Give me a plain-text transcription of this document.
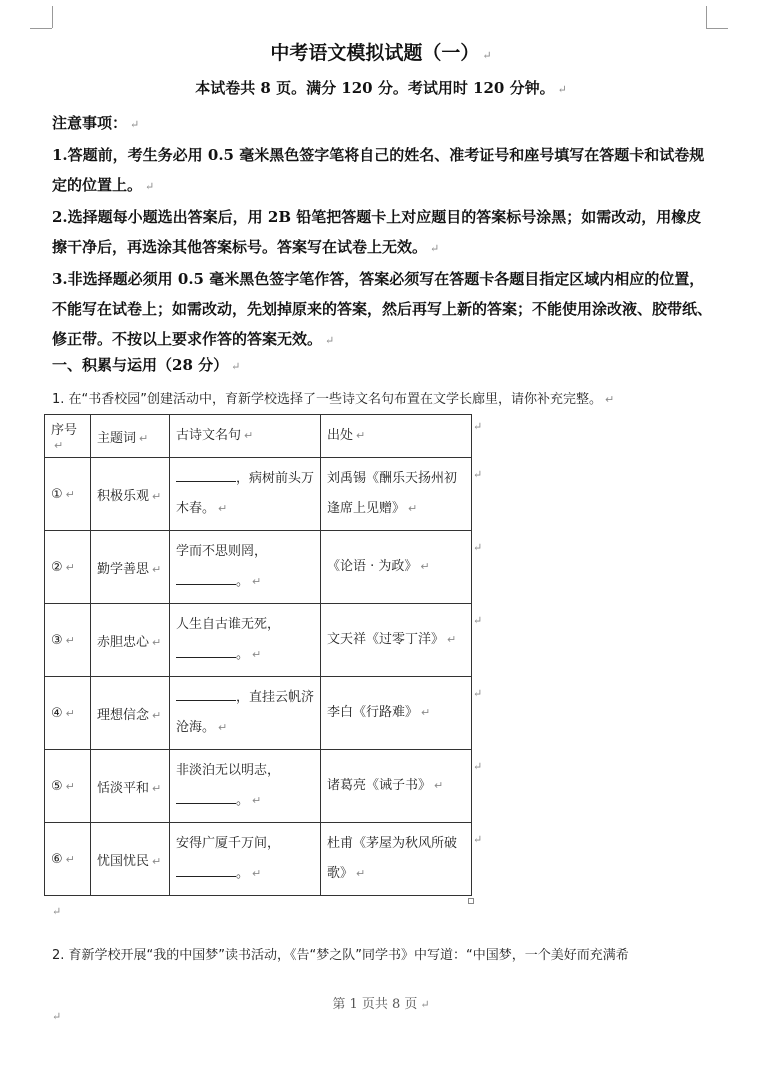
中考语文模拟试题（一） ↵
本试卷共 8 页。满分 120 分。考试用时 120 分钟。 ↵

注意事项： ↵

1.答题前，考生务必用 0.5 毫米黑色签字笔将自己的姓名、准考证号和座号填写在答题卡和试卷规定的位置上。 ↵

2.选择题每小题选出答案后，用 2B 铅笔把答题卡上对应题目的答案标号涂黑；如需改动，用橡皮擦干净后，再选涂其他答案标号。答案写在试卷上无效。 ↵

3.非选择题必须用 0.5 毫米黑色签字笔作答，答案必须写在答题卡各题目指定区域内相应的位置，不能写在试卷上；如需改动，先划掉原来的答案，然后再写上新的答案；不能使用涂改液、胶带纸、修正带。不按以上要求作答的答案无效。 ↵

一、积累与运用（28 分） ↵
1. 在“书香校园”创建活动中，育新学校选择了一些诗文名句布置在文学长廊里，请你补充完整。 ↵
序号↵	主题词 ↵	古诗文名句 ↵	出处 ↵
① ↵	积极乐观 ↵	，病树前头万木春。 ↵	刘禹锡《酬乐天扬州初逢席上见赠》 ↵
② ↵	勤学善思 ↵	学而不思则罔，
。 ↵	《论语 · 为政》 ↵
③ ↵	赤胆忠心 ↵	人生自古谁无死，
。 ↵	文天祥《过零丁洋》 ↵
④ ↵	理想信念 ↵	，直挂云帆济沧海。 ↵	李白《行路难》 ↵
⑤ ↵	恬淡平和 ↵	非淡泊无以明志，
。 ↵	诸葛亮《诫子书》 ↵
⑥ ↵	忧国忧民 ↵	安得广厦千万间，
。 ↵	杜甫《茅屋为秋风所破歌》 ↵
↵
2. 育新学校开展“我的中国梦”读书活动，《告“梦之队”同学书》中写道：“中国梦，一个美好而充满希
第 1 页共 8 页 ↵
↵
↵
↵
↵
↵
↵
↵
↵
